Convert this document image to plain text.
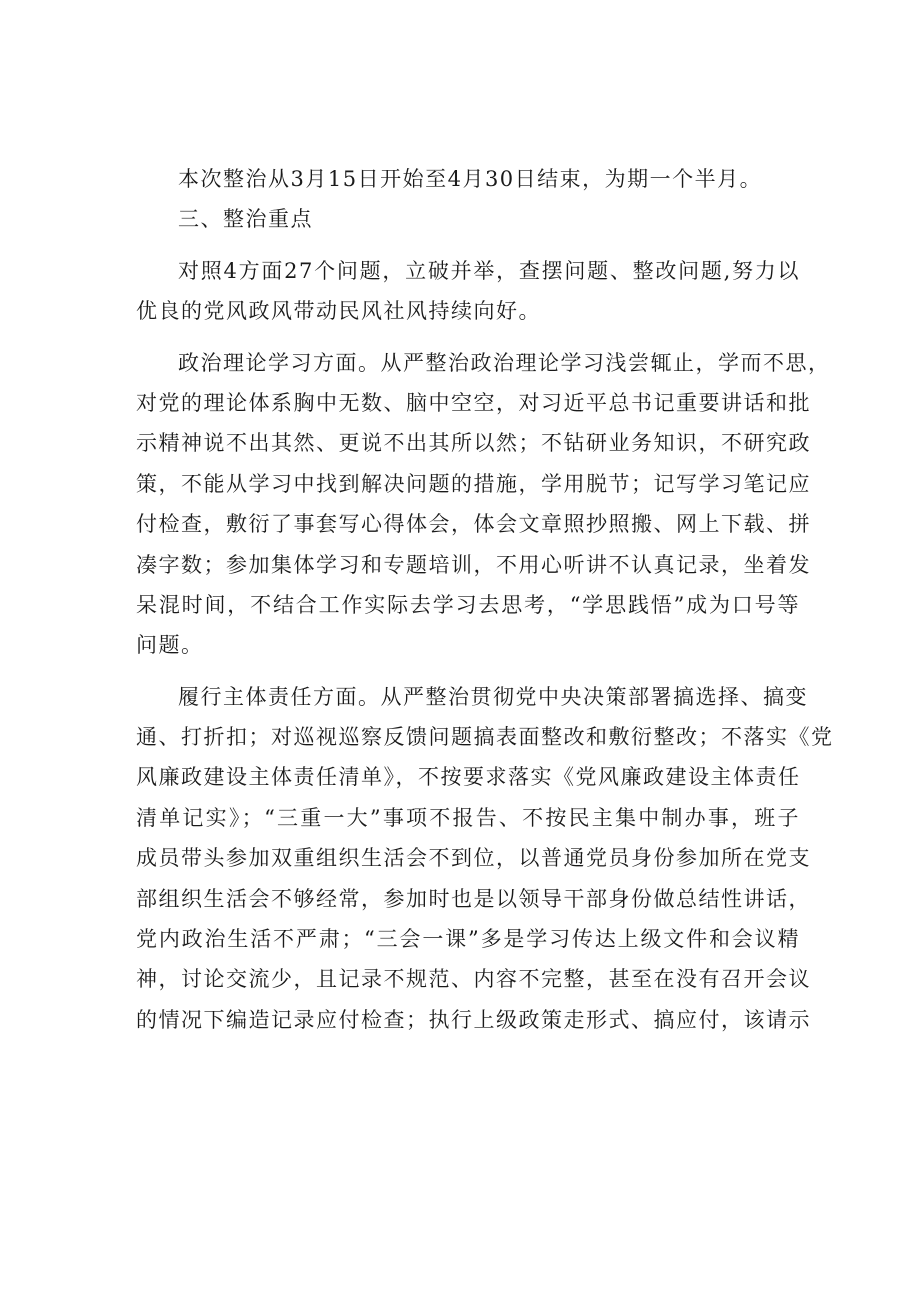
本次整治从3月15日开始至4月30日结束，为期一个半月。
三、整治重点
对照4方面27个问题，立破并举，查摆问题、整改问题,努力以
优良的党风政风带动民风社风持续向好。
政治理论学习方面。从严整治政治理论学习浅尝辄止，学而不思，
对党的理论体系胸中无数、脑中空空，对习近平总书记重要讲话和批
示精神说不出其然、更说不出其所以然；不钻研业务知识，不研究政
策，不能从学习中找到解决问题的措施，学用脱节；记写学习笔记应
付检查，敷衍了事套写心得体会，体会文章照抄照搬、网上下载、拼
凑字数；参加集体学习和专题培训，不用心听讲不认真记录，坐着发
呆混时间，不结合工作实际去学习去思考，“学思践悟”成为口号等
问题。
履行主体责任方面。从严整治贯彻党中央决策部署搞选择、搞变
通、打折扣；对巡视巡察反馈问题搞表面整改和敷衍整改；不落实《党
风廉政建设主体责任清单》，不按要求落实《党风廉政建设主体责任
清单记实》；“三重一大”事项不报告、不按民主集中制办事，班子
成员带头参加双重组织生活会不到位，以普通党员身份参加所在党支
部组织生活会不够经常，参加时也是以领导干部身份做总结性讲话，
党内政治生活不严肃；“三会一课”多是学习传达上级文件和会议精
神，讨论交流少，且记录不规范、内容不完整，甚至在没有召开会议
的情况下编造记录应付检查；执行上级政策走形式、搞应付，该请示
